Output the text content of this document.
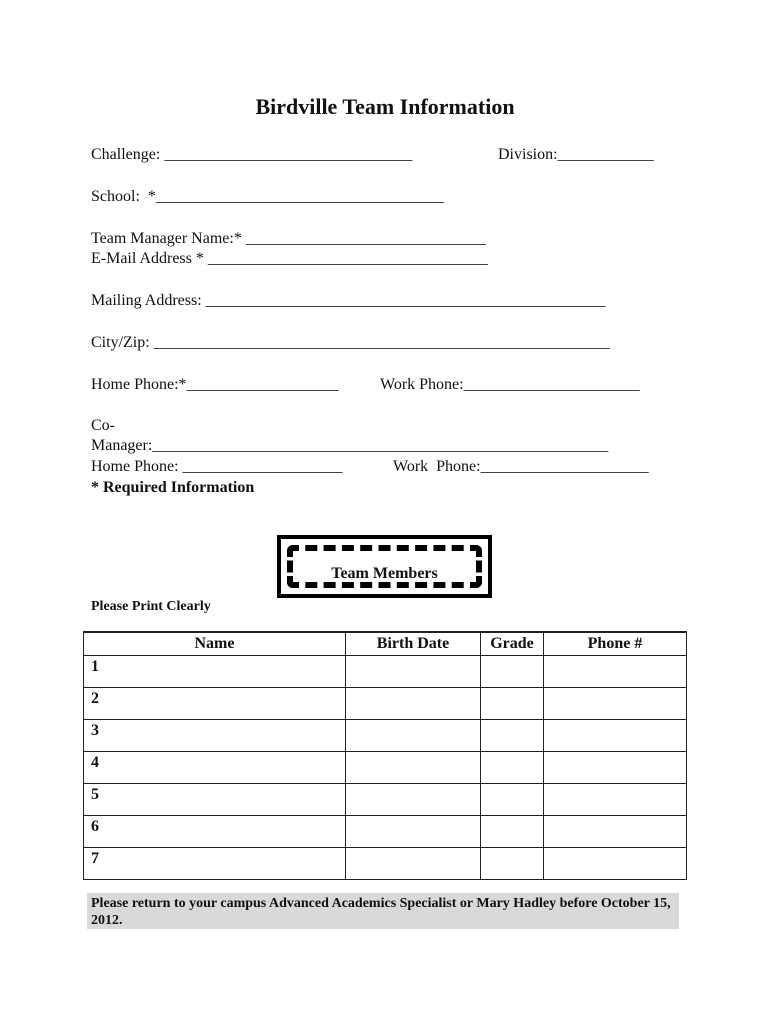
Birdville Team Information
Challenge: _______________________________	Division:____________
School:  *____________________________________
Team Manager Name:* ______________________________
E-Mail Address * ___________________________________
Mailing Address: __________________________________________________
City/Zip: _________________________________________________________
Home Phone:*___________________	Work Phone:______________________
Co-
Manager:_________________________________________________________
Home Phone: ____________________	Work  Phone:_____________________
* Required Information
Team Members
Please Print Clearly
Name	Birth Date	Grade	Phone #
1			
2			
3			
4			
5			
6			
7			
Please return to your campus Advanced Academics Specialist or Mary Hadley before October 15, 2012.
